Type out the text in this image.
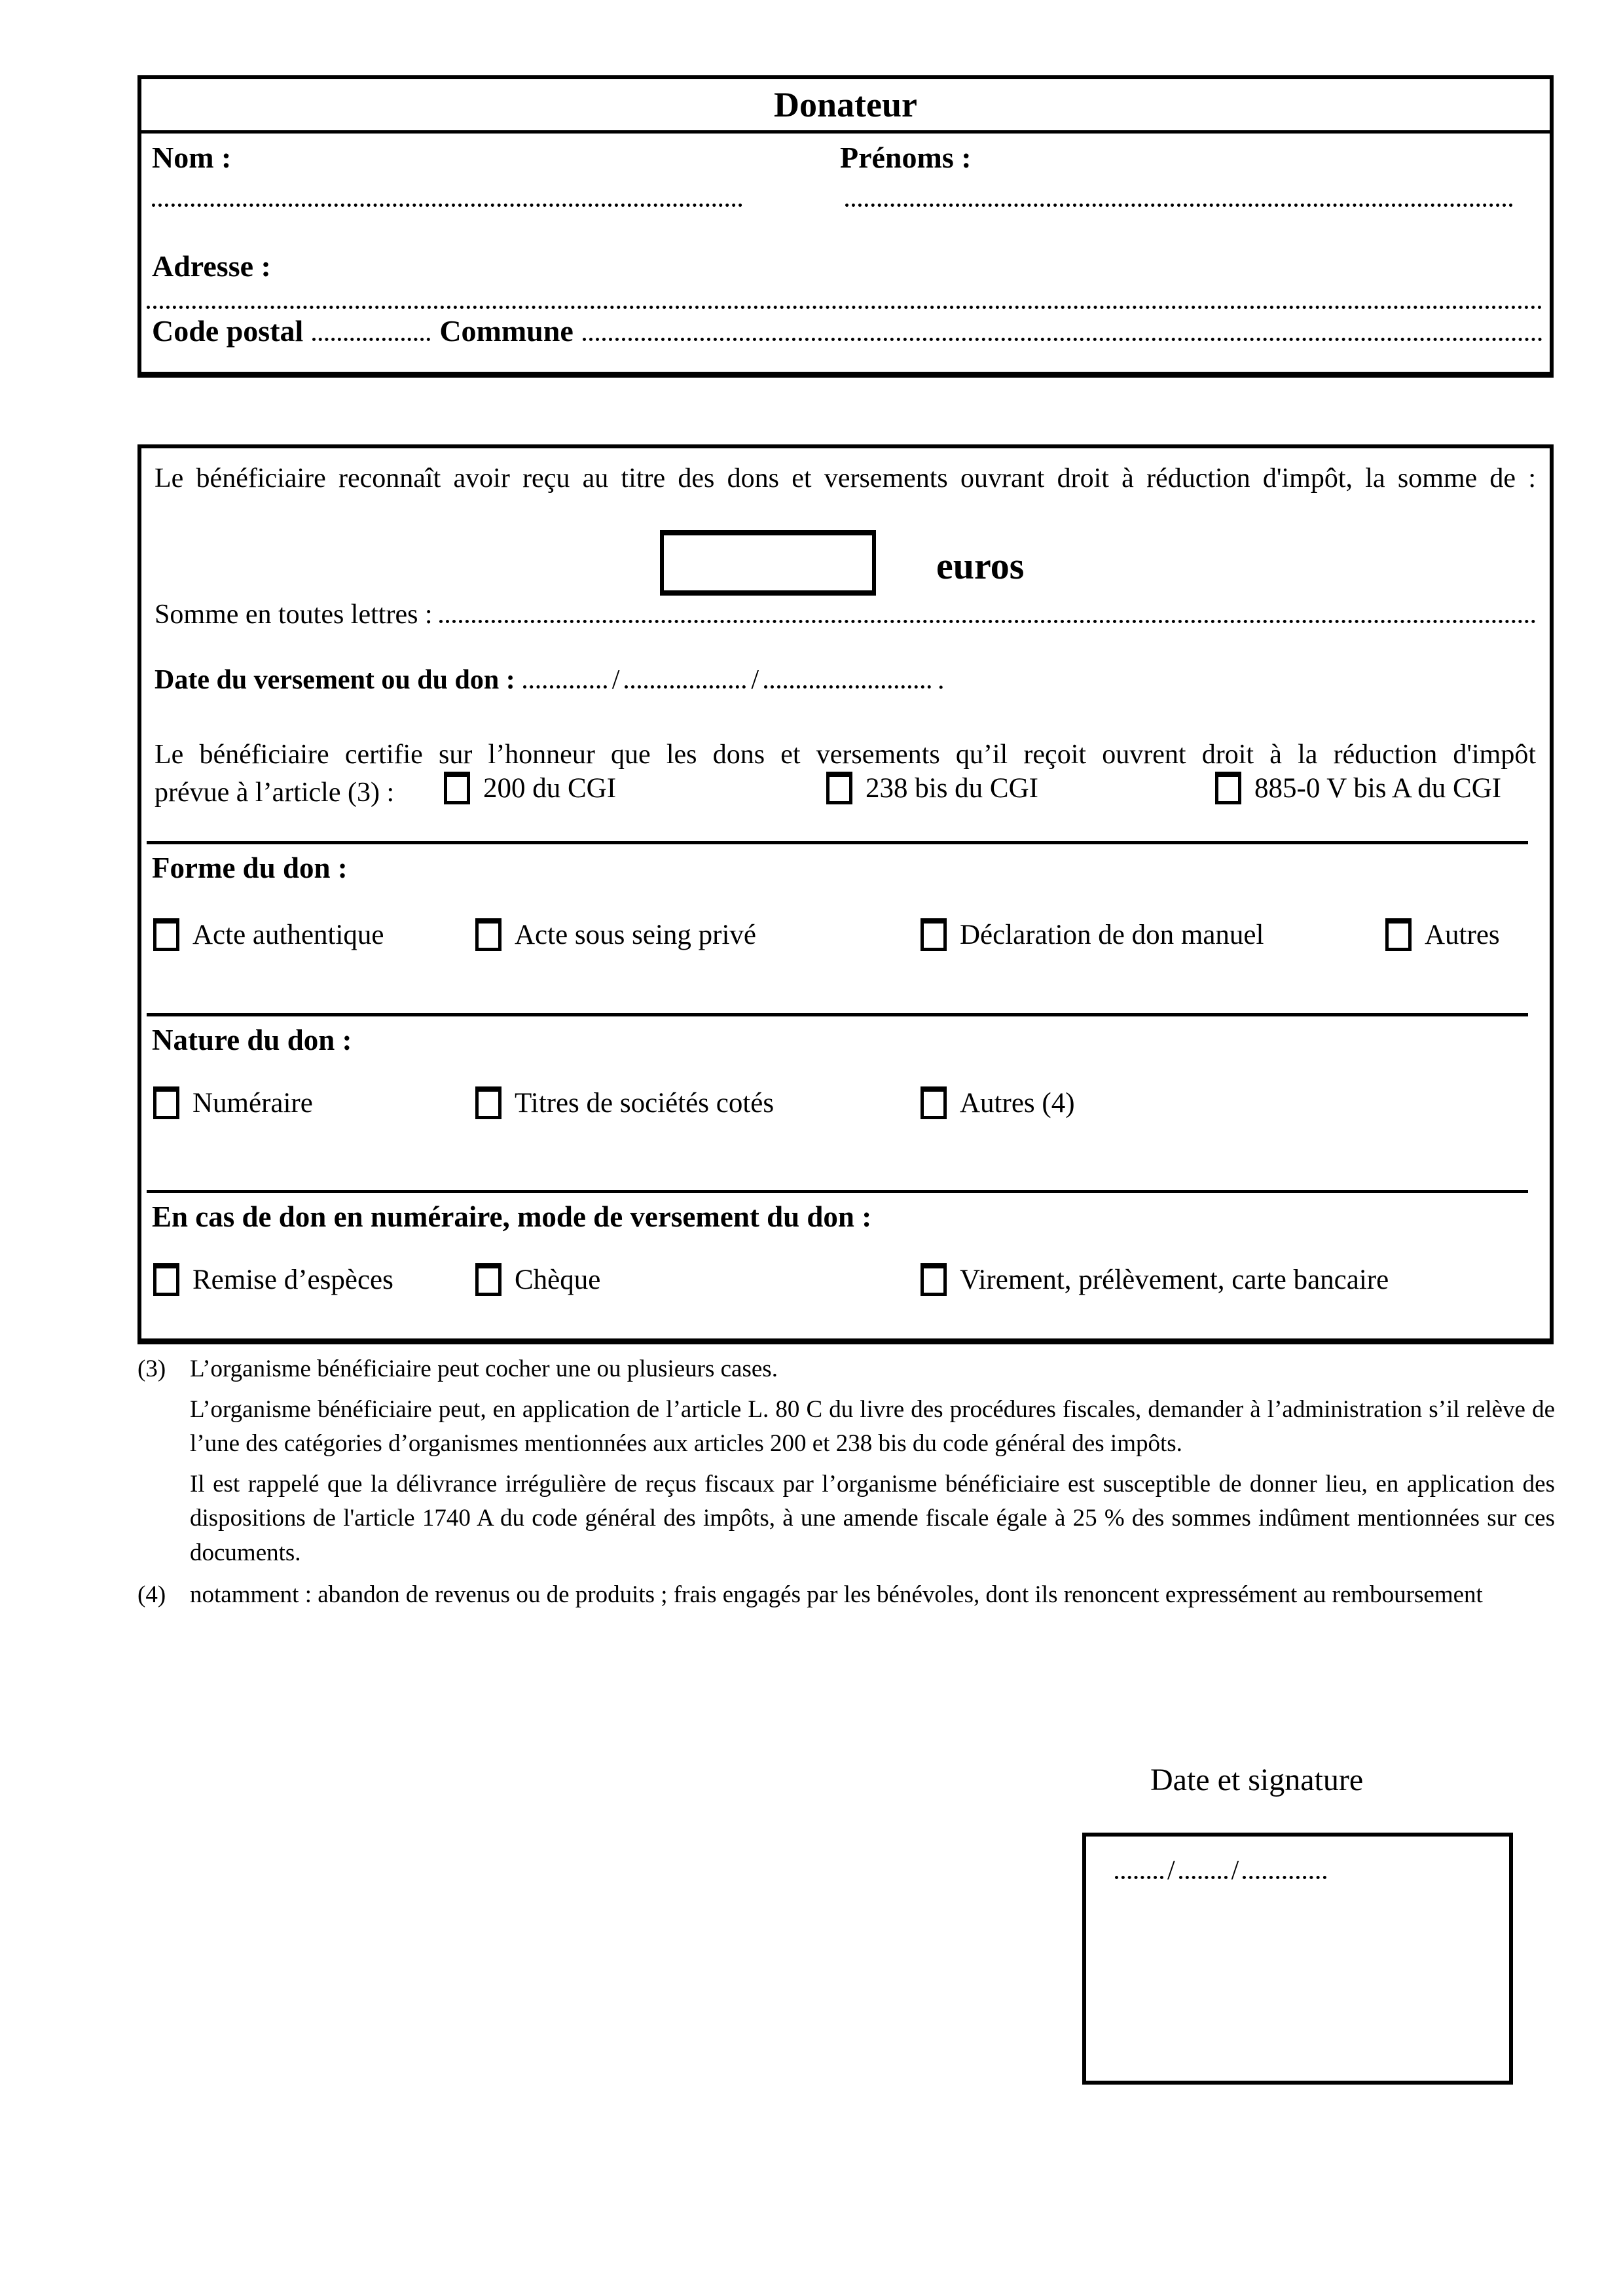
Donateur
Nom :	Prénoms :
Adresse :
Code postal	Commune
Le bénéficiaire reconnaît avoir reçu au titre des dons et versements ouvrant droit à réduction d'impôt, la somme de :
euros
Somme en toutes lettres :
Date du versement ou du don :	/	/	.
Le bénéficiaire certifie sur l’honneur que les dons et versements qu’il reçoit ouvrent droit à la réduction d'impôt
prévue à l’article (3) :	200 du CGI	238 bis du CGI	885-0 V bis A du CGI
Forme du don :
Acte authentique	Acte sous seing privé	Déclaration de don manuel	Autres
Nature du don :
Numéraire	Titres de sociétés cotés	Autres (4)
En cas de don en numéraire, mode de versement du don :
Remise d’espèces	Chèque	Virement, prélèvement, carte bancaire
(3) L’organisme bénéficiaire peut cocher une ou plusieurs cases.

L’organisme bénéficiaire peut, en application de l’article L. 80 C du livre des procédures fiscales, demander à l’administration s’il relève de l’une des catégories d’organismes mentionnées aux articles 200 et 238 bis du code général des impôts.

Il est rappelé que la délivrance irrégulière de reçus fiscaux par l’organisme bénéficiaire est susceptible de donner lieu, en application des dispositions de l'article 1740 A du code général des impôts, à une amende fiscale égale à 25 % des sommes indûment mentionnées sur ces documents.

(4) notamment : abandon de revenus ou de produits ; frais engagés par les bénévoles, dont ils renoncent expressément au remboursement

Date et signature
/ /
